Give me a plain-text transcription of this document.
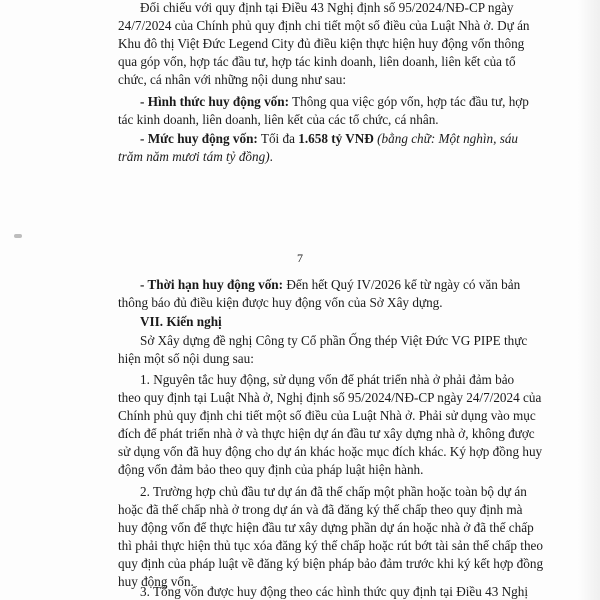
Đối chiếu với quy định tại Điều 43 Nghị định số 95/2024/NĐ-CP ngày
24/7/2024 của Chính phủ quy định chi tiết một số điều của Luật Nhà ở. Dự án
Khu đô thị Việt Đức Legend City đủ điều kiện thực hiện huy động vốn thông
qua góp vốn, hợp tác đầu tư, hợp tác kinh doanh, liên doanh, liên kết của tổ
chức, cá nhân với những nội dung như sau:
- Hình thức huy động vốn: Thông qua việc góp vốn, hợp tác đầu tư, hợp
tác kinh doanh, liên doanh, liên kết của các tổ chức, cá nhân.
- Mức huy động vốn: Tối đa 1.658 tỷ VNĐ (bằng chữ: Một nghìn, sáu
trăm năm mươi tám tỷ đồng).
7
- Thời hạn huy động vốn: Đến hết Quý IV/2026 kể từ ngày có văn bản
thông báo đủ điều kiện được huy động vốn của Sở Xây dựng.
VII. Kiến nghị
Sở Xây dựng đề nghị Công ty Cổ phần Ống thép Việt Đức VG PIPE thực
hiện một số nội dung sau:
1. Nguyên tắc huy động, sử dụng vốn để phát triển nhà ở phải đảm bảo
theo quy định tại Luật Nhà ở, Nghị định số 95/2024/NĐ-CP ngày 24/7/2024 của
Chính phủ quy định chi tiết một số điều của Luật Nhà ở. Phải sử dụng vào mục
đích để phát triển nhà ở và thực hiện dự án đầu tư xây dựng nhà ở, không được
sử dụng vốn đã huy động cho dự án khác hoặc mục đích khác. Ký hợp đồng huy
động vốn đảm bảo theo quy định của pháp luật hiện hành.
2. Trường hợp chủ đầu tư dự án đã thế chấp một phần hoặc toàn bộ dự án
hoặc đã thế chấp nhà ở trong dự án và đã đăng ký thế chấp theo quy định mà
huy động vốn để thực hiện đầu tư xây dựng phần dự án hoặc nhà ở đã thế chấp
thì phải thực hiện thủ tục xóa đăng ký thế chấp hoặc rút bớt tài sản thế chấp theo
quy định của pháp luật về đăng ký biện pháp bảo đảm trước khi ký kết hợp đồng
huy động vốn.
3. Tổng vốn được huy động theo các hình thức quy định tại Điều 43 Nghị
